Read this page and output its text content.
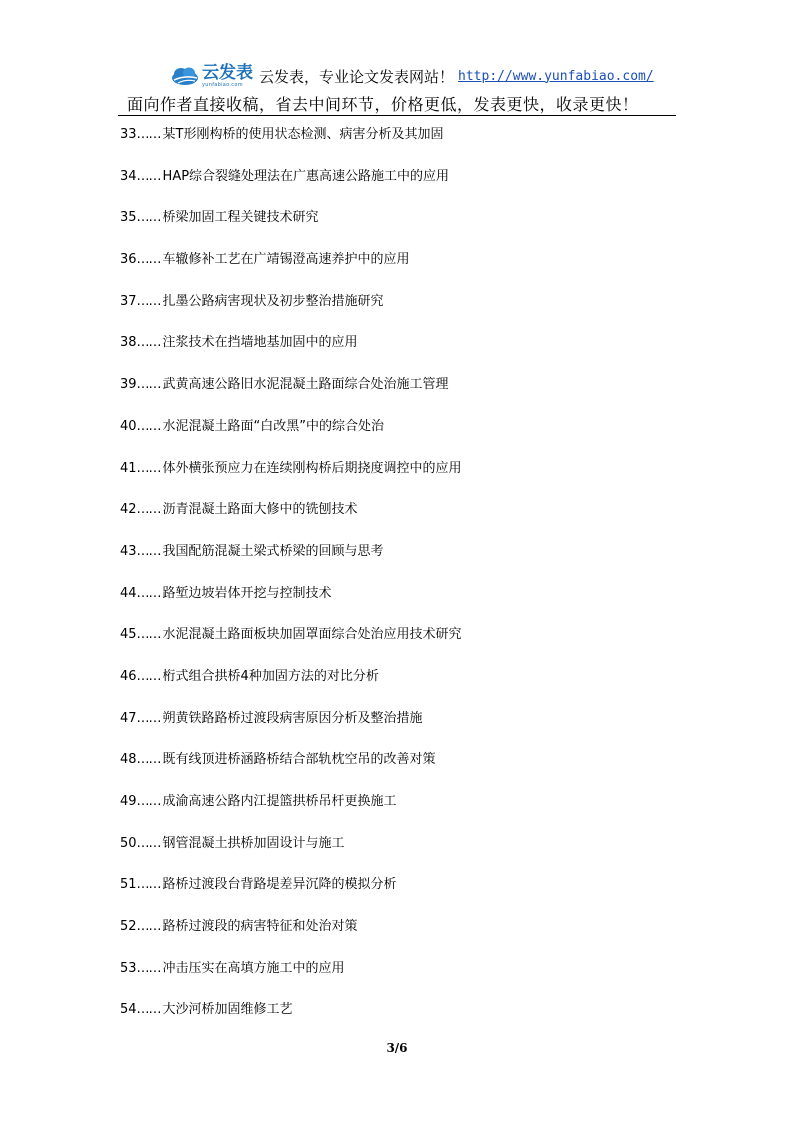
云发表
yunfabiao.com	云发表，专业论文发表网站！ http://www.yunfabiao.com/
面向作者直接收稿，省去中间环节，价格更低，发表更快，收录更快！
33…… 某T形刚构桥的使用状态检测、病害分析及其加固
34…… HAP综合裂缝处理法在广惠高速公路施工中的应用
35…… 桥梁加固工程关键技术研究
36…… 车辙修补工艺在广靖锡澄高速养护中的应用
37…… 扎墨公路病害现状及初步整治措施研究
38…… 注浆技术在挡墙地基加固中的应用
39…… 武黄高速公路旧水泥混凝土路面综合处治施工管理
40…… 水泥混凝土路面“白改黑”中的综合处治
41…… 体外横张预应力在连续刚构桥后期挠度调控中的应用
42…… 沥青混凝土路面大修中的铣刨技术
43…… 我国配筋混凝土梁式桥梁的回顾与思考
44…… 路堑边坡岩体开挖与控制技术
45…… 水泥混凝土路面板块加固罩面综合处治应用技术研究
46…… 桁式组合拱桥4种加固方法的对比分析
47…… 朔黄铁路路桥过渡段病害原因分析及整治措施
48…… 既有线顶进桥涵路桥结合部轨枕空吊的改善对策
49…… 成渝高速公路内江提篮拱桥吊杆更换施工
50…… 钢管混凝土拱桥加固设计与施工
51…… 路桥过渡段台背路堤差异沉降的模拟分析
52…… 路桥过渡段的病害特征和处治对策
53…… 冲击压实在高填方施工中的应用
54…… 大沙河桥加固维修工艺
3/6
